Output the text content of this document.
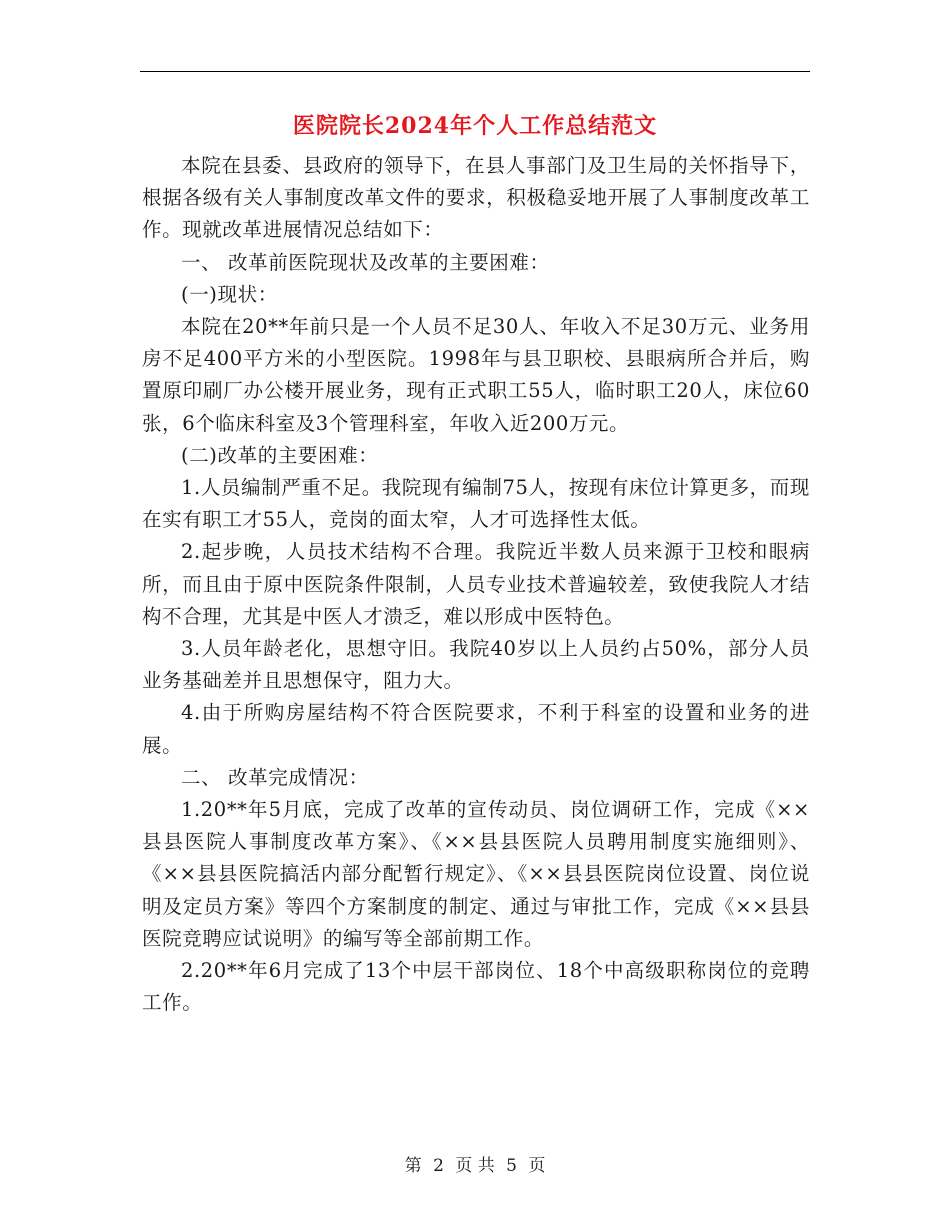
医院院长2024年个人工作总结范文

本院在县委、县政府的领导下，在县人事部门及卫生局的关怀指导下，根据各级有关人事制度改革文件的要求，积极稳妥地开展了人事制度改革工作。现就改革进展情况总结如下：

一、 改革前医院现状及改革的主要困难：

(一)现状：

本院在20**年前只是一个人员不足30人、年收入不足30万元、业务用房不足400平方米的小型医院。1998年与县卫职校、县眼病所合并后，购置原印刷厂办公楼开展业务，现有正式职工55人，临时职工20人，床位60张，6个临床科室及3个管理科室，年收入近200万元。

(二)改革的主要困难：

1.人员编制严重不足。我院现有编制75人，按现有床位计算更多，而现在实有职工才55人，竞岗的面太窄，人才可选择性太低。

2.起步晚，人员技术结构不合理。我院近半数人员来源于卫校和眼病所，而且由于原中医院条件限制，人员专业技术普遍较差，致使我院人才结构不合理，尤其是中医人才溃乏，难以形成中医特色。

3.人员年龄老化，思想守旧。我院40岁以上人员约占50%，部分人员业务基础差并且思想保守，阻力大。

4.由于所购房屋结构不符合医院要求，不利于科室的设置和业务的进展。

二、 改革完成情况：

1.20**年5月底，完成了改革的宣传动员、岗位调研工作，完成《××县县医院人事制度改革方案》、《××县县医院人员聘用制度实施细则》、《××县县医院搞活内部分配暂行规定》、《××县县医院岗位设置、岗位说明及定员方案》等四个方案制度的制定、通过与审批工作，完成《××县县医院竞聘应试说明》的编写等全部前期工作。

2.20**年6月完成了13个中层干部岗位、18个中高级职称岗位的竞聘工作。

第 2 页 共 5 页
